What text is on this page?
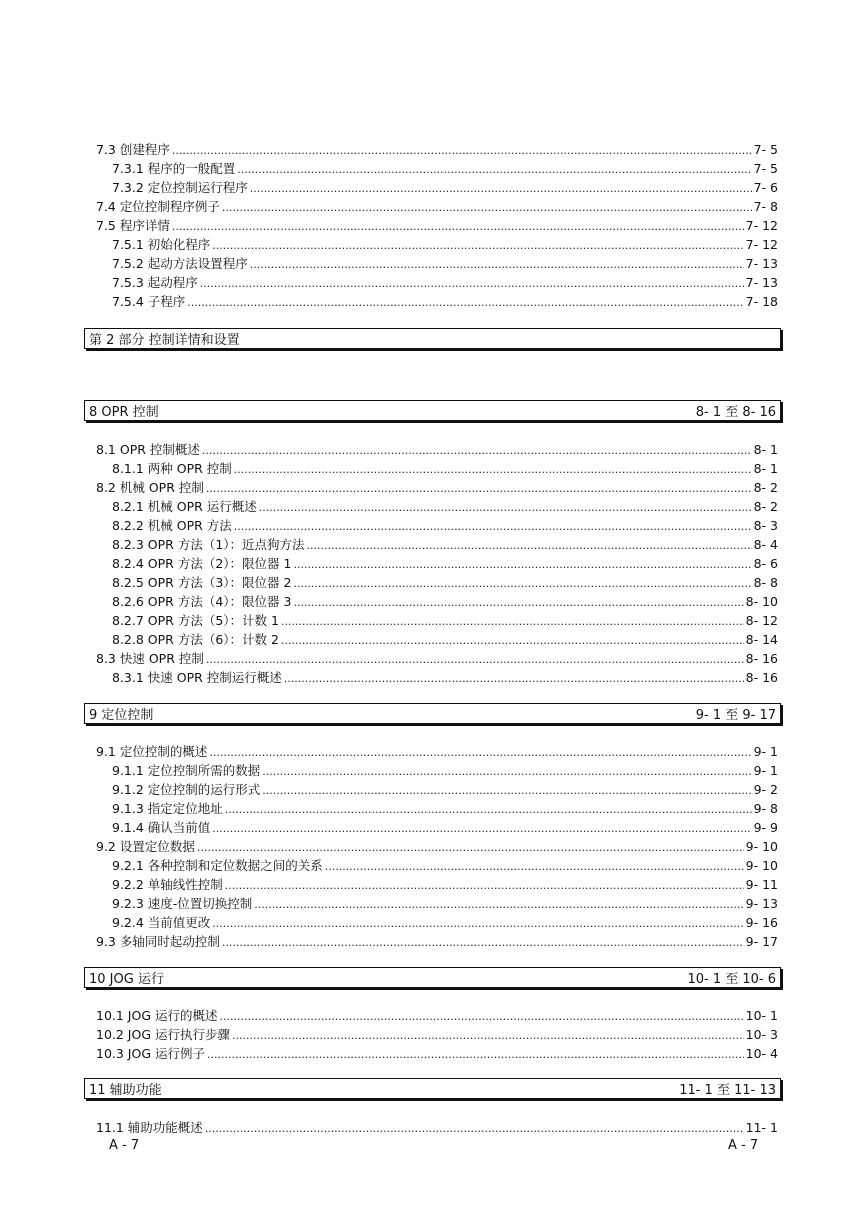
7.3 创建程序 .....	7- 5
7.3.1 程序的一般配置 .....	7- 5
7.3.2 定位控制运行程序 .....	7- 6
7.4 定位控制程序例子 .....	7- 8
7.5 程序详情 .....	7- 12
7.5.1 初始化程序 .....	7- 12
7.5.2 起动方法设置程序 .....	7- 13
7.5.3 起动程序 .....	7- 13
7.5.4 子程序 .....	7- 18
第 2 部分 控制详情和设置
8 OPR 控制	8- 1 至 8- 16
8.1 OPR 控制概述 .....	8- 1
8.1.1 两种 OPR 控制 .....	8- 1
8.2 机械 OPR 控制 .....	8- 2
8.2.1 机械 OPR 运行概述 .....	8- 2
8.2.2 机械 OPR 方法 .....	8- 3
8.2.3 OPR 方法（1）：近点狗方法 .....	8- 4
8.2.4 OPR 方法（2）：限位器 1 .....	8- 6
8.2.5 OPR 方法（3）：限位器 2 .....	8- 8
8.2.6 OPR 方法（4）：限位器 3 .....	8- 10
8.2.7 OPR 方法（5）：计数 1 .....	8- 12
8.2.8 OPR 方法（6）：计数 2 .....	8- 14
8.3 快速 OPR 控制 .....	8- 16
8.3.1 快速 OPR 控制运行概述 .....	8- 16
9 定位控制	9- 1 至 9- 17
9.1 定位控制的概述 .....	9- 1
9.1.1 定位控制所需的数据 .....	9- 1
9.1.2 定位控制的运行形式 .....	9- 2
9.1.3 指定定位地址 .....	9- 8
9.1.4 确认当前值 .....	9- 9
9.2 设置定位数据 .....	9- 10
9.2.1 各种控制和定位数据之间的关系 .....	9- 10
9.2.2 单轴线性控制 .....	9- 11
9.2.3 速度-位置切换控制 .....	9- 13
9.2.4 当前值更改 .....	9- 16
9.3 多轴同时起动控制 .....	9- 17
10 JOG 运行	10- 1 至 10- 6
10.1 JOG 运行的概述 .....	10- 1
10.2 JOG 运行执行步骤 .....	10- 3
10.3 JOG 运行例子 .....	10- 4
11 辅助功能	11- 1 至 11- 13
11.1 辅助功能概述 .....	11- 1
A - 7	A - 7
